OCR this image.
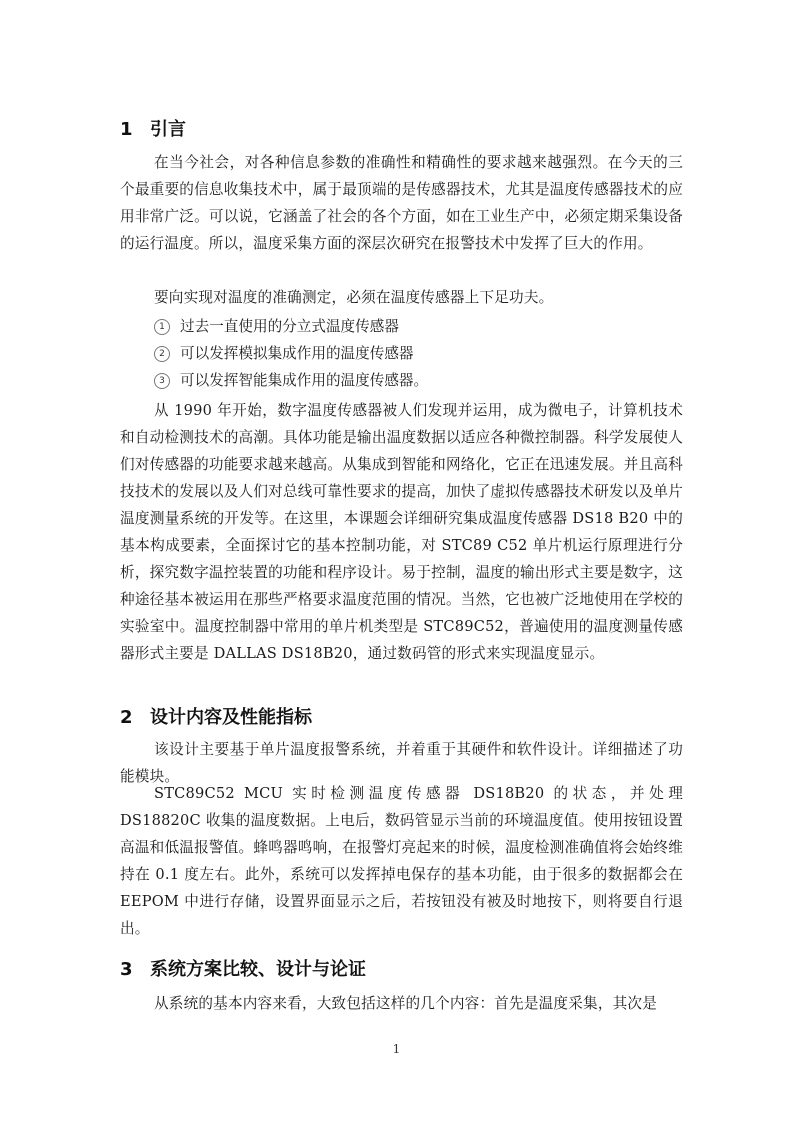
1 引言

在当今社会，对各种信息参数的准确性和精确性的要求越来越强烈。在今天的三个最重要的信息收集技术中，属于最顶端的是传感器技术，尤其是温度传感器技术的应用非常广泛。可以说，它涵盖了社会的各个方面，如在工业生产中，必须定期采集设备的运行温度。所以，温度采集方面的深层次研究在报警技术中发挥了巨大的作用。

要向实现对温度的准确测定，必须在温度传感器上下足功夫。

1 过去一直使用的分立式温度传感器
2 可以发挥模拟集成作用的温度传感器
3 可以发挥智能集成作用的温度传感器。

从 1990 年开始，数字温度传感器被人们发现并运用，成为微电子，计算机技术和自动检测技术的高潮。具体功能是输出温度数据以适应各种微控制器。科学发展使人们对传感器的功能要求越来越高。从集成到智能和网络化，它正在迅速发展。并且高科技技术的发展以及人们对总线可靠性要求的提高，加快了虚拟传感器技术研发以及单片温度测量系统的开发等。在这里，本课题会详细研究集成温度传感器 DS18 B20 中的基本构成要素，全面探讨它的基本控制功能，对 STC89 C52 单片机运行原理进行分析，探究数字温控装置的功能和程序设计。易于控制，温度的输出形式主要是数字，这种途径基本被运用在那些严格要求温度范围的情况。当然，它也被广泛地使用在学校的实验室中。温度控制器中常用的单片机类型是 STC89C52，普遍使用的温度测量传感器形式主要是 DALLAS DS18B20，通过数码管的形式来实现温度显示。

2 设计内容及性能指标

该设计主要基于单片温度报警系统，并着重于其硬件和软件设计。详细描述了功能模块。

STC89C52 MCU 实时检测温度传感器 DS18B20 的状态，并处理 DS18820C 收集的温度数据。上电后，数码管显示当前的环境温度值。使用按钮设置高温和低温报警值。蜂鸣器鸣响，在报警灯亮起来的时候，温度检测准确值将会始终维持在 0.1 度左右。此外，系统可以发挥掉电保存的基本功能，由于很多的数据都会在 EEPOM 中进行存储，设置界面显示之后，若按钮没有被及时地按下，则将要自行退出。

3 系统方案比较、设计与论证

从系统的基本内容来看，大致包括这样的几个内容：首先是温度采集，其次是

1
